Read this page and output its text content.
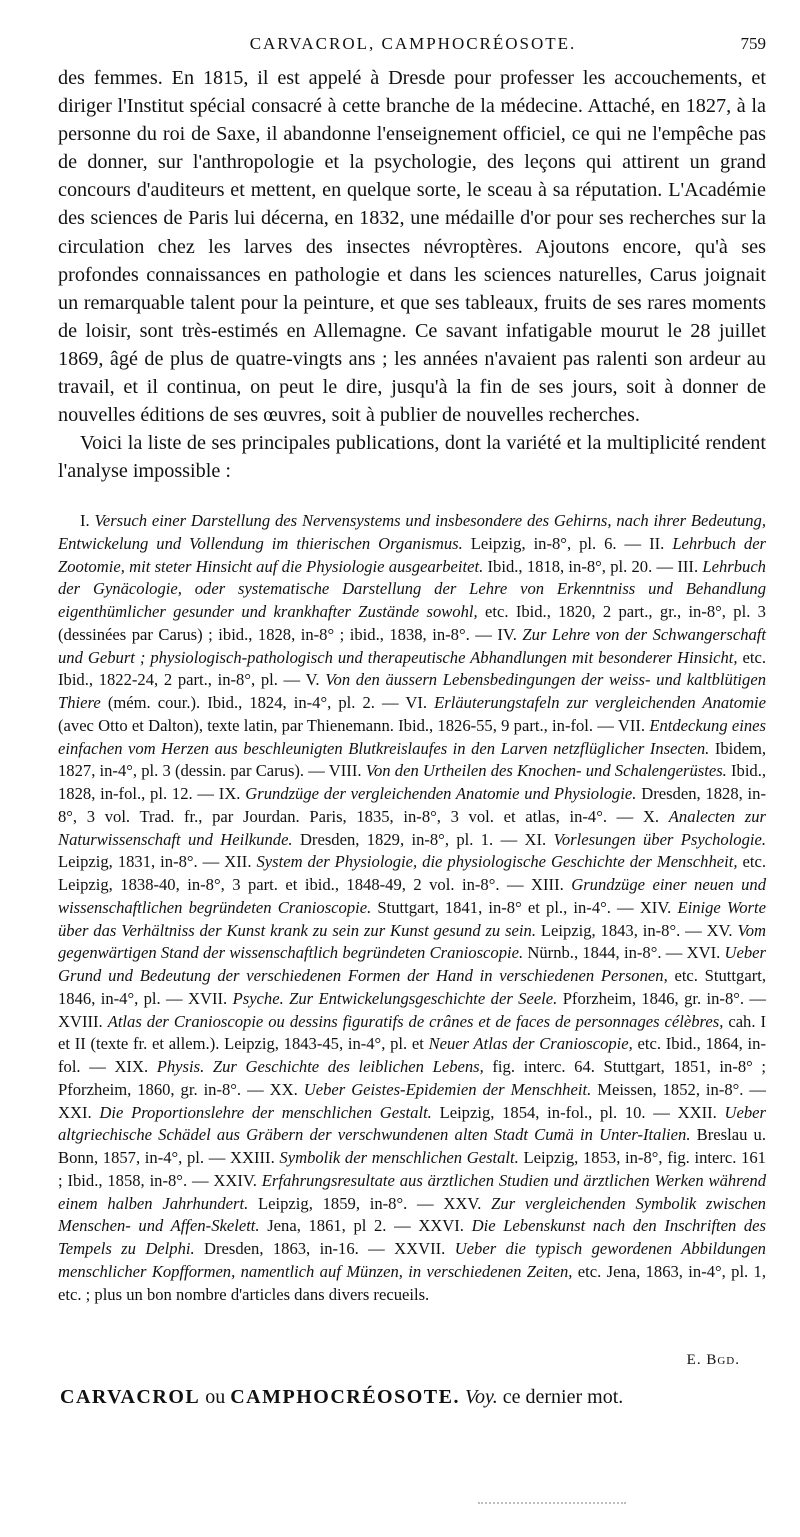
CARVACROL, CAMPHOCRÉOSOTE.	759

des femmes. En 1815, il est appelé à Dresde pour professer les accouchements, et diriger l'Institut spécial consacré à cette branche de la médecine. Attaché, en 1827, à la personne du roi de Saxe, il abandonne l'enseignement officiel, ce qui ne l'empêche pas de donner, sur l'anthropologie et la psychologie, des leçons qui attirent un grand concours d'auditeurs et mettent, en quelque sorte, le sceau à sa réputation. L'Académie des sciences de Paris lui décerna, en 1832, une médaille d'or pour ses recherches sur la circulation chez les larves des insectes névroptères. Ajoutons encore, qu'à ses profondes connaissances en pathologie et dans les sciences naturelles, Carus joignait un remarquable talent pour la peinture, et que ses tableaux, fruits de ses rares moments de loisir, sont très-estimés en Allemagne. Ce savant infatigable mourut le 28 juillet 1869, âgé de plus de quatre-vingts ans ; les années n'avaient pas ralenti son ardeur au travail, et il continua, on peut le dire, jusqu'à la fin de ses jours, soit à donner de nouvelles éditions de ses œuvres, soit à publier de nouvelles recherches.

Voici la liste de ses principales publications, dont la variété et la multiplicité rendent l'analyse impossible :

I. Versuch einer Darstellung des Nervensystems und insbesondere des Gehirns, nach ihrer Bedeutung, Entwickelung und Vollendung im thierischen Organismus. Leipzig, in-8°, pl. 6. — II. Lehrbuch der Zootomie, mit steter Hinsicht auf die Physiologie ausgearbeitet. Ibid., 1818, in-8°, pl. 20. — III. Lehrbuch der Gynäcologie, oder systematische Darstellung der Lehre von Erkenntniss und Behandlung eigenthümlicher gesunder und krankhafter Zustände sowohl, etc. Ibid., 1820, 2 part., gr., in-8°, pl. 3 (dessinées par Carus) ; ibid., 1828, in-8° ; ibid., 1838, in-8°. — IV. Zur Lehre von der Schwangerschaft und Geburt ; physiologisch-pathologisch und therapeutische Abhandlungen mit besonderer Hinsicht, etc. Ibid., 1822-24, 2 part., in-8°, pl. — V. Von den äussern Lebensbedingungen der weiss- und kaltblütigen Thiere (mém. cour.). Ibid., 1824, in-4°, pl. 2. — VI. Erläuterungstafeln zur vergleichenden Anatomie (avec Otto et Dalton), texte latin, par Thienemann. Ibid., 1826-55, 9 part., in-fol. — VII. Entdeckung eines einfachen vom Herzen aus beschleunigten Blutkreislaufes in den Larven netzflüglicher Insecten. Ibidem, 1827, in-4°, pl. 3 (dessin. par Carus). — VIII. Von den Urtheilen des Knochen- und Schalengerüstes. Ibid., 1828, in-fol., pl. 12. — IX. Grundzüge der vergleichenden Anatomie und Physiologie. Dresden, 1828, in-8°, 3 vol. Trad. fr., par Jourdan. Paris, 1835, in-8°, 3 vol. et atlas, in-4°. — X. Analecten zur Naturwissenschaft und Heilkunde. Dresden, 1829, in-8°, pl. 1. — XI. Vorlesungen über Psychologie. Leipzig, 1831, in-8°. — XII. System der Physiologie, die physiologische Geschichte der Menschheit, etc. Leipzig, 1838-40, in-8°, 3 part. et ibid., 1848-49, 2 vol. in-8°. — XIII. Grundzüge einer neuen und wissenschaftlichen begründeten Cranioscopie. Stuttgart, 1841, in-8° et pl., in-4°. — XIV. Einige Worte über das Verhältniss der Kunst krank zu sein zur Kunst gesund zu sein. Leipzig, 1843, in-8°. — XV. Vom gegenwärtigen Stand der wissenschaftlich begründeten Cranioscopie. Nürnb., 1844, in-8°. — XVI. Ueber Grund und Bedeutung der verschiedenen Formen der Hand in verschiedenen Personen, etc. Stuttgart, 1846, in-4°, pl. — XVII. Psyche. Zur Entwickelungsgeschichte der Seele. Pforzheim, 1846, gr. in-8°. — XVIII. Atlas der Cranioscopie ou dessins figuratifs de crânes et de faces de personnages célèbres, cah. I et II (texte fr. et allem.). Leipzig, 1843-45, in-4°, pl. et Neuer Atlas der Cranioscopie, etc. Ibid., 1864, in-fol. — XIX. Physis. Zur Geschichte des leiblichen Lebens, fig. interc. 64. Stuttgart, 1851, in-8° ; Pforzheim, 1860, gr. in-8°. — XX. Ueber Geistes-Epidemien der Menschheit. Meissen, 1852, in-8°. — XXI. Die Proportionslehre der menschlichen Gestalt. Leipzig, 1854, in-fol., pl. 10. — XXII. Ueber altgriechische Schädel aus Gräbern der verschwundenen alten Stadt Cumä in Unter-Italien. Breslau u. Bonn, 1857, in-4°, pl. — XXIII. Symbolik der menschlichen Gestalt. Leipzig, 1853, in-8°, fig. interc. 161 ; Ibid., 1858, in-8°. — XXIV. Erfahrungsresultate aus ärztlichen Studien und ärztlichen Werken während einem halben Jahrhundert. Leipzig, 1859, in-8°. — XXV. Zur vergleichenden Symbolik zwischen Menschen- und Affen-Skelett. Jena, 1861, pl 2. — XXVI. Die Lebenskunst nach den Inschriften des Tempels zu Delphi. Dresden, 1863, in-16. — XXVII. Ueber die typisch gewordenen Abbildungen menschlicher Kopfformen, namentlich auf Münzen, in verschiedenen Zeiten, etc. Jena, 1863, in-4°, pl. 1, etc. ; plus un bon nombre d'articles dans divers recueils.

E. Bgd.
CARVACROL ou CAMPHOCRÉOSOTE. Voy. ce dernier mot.
